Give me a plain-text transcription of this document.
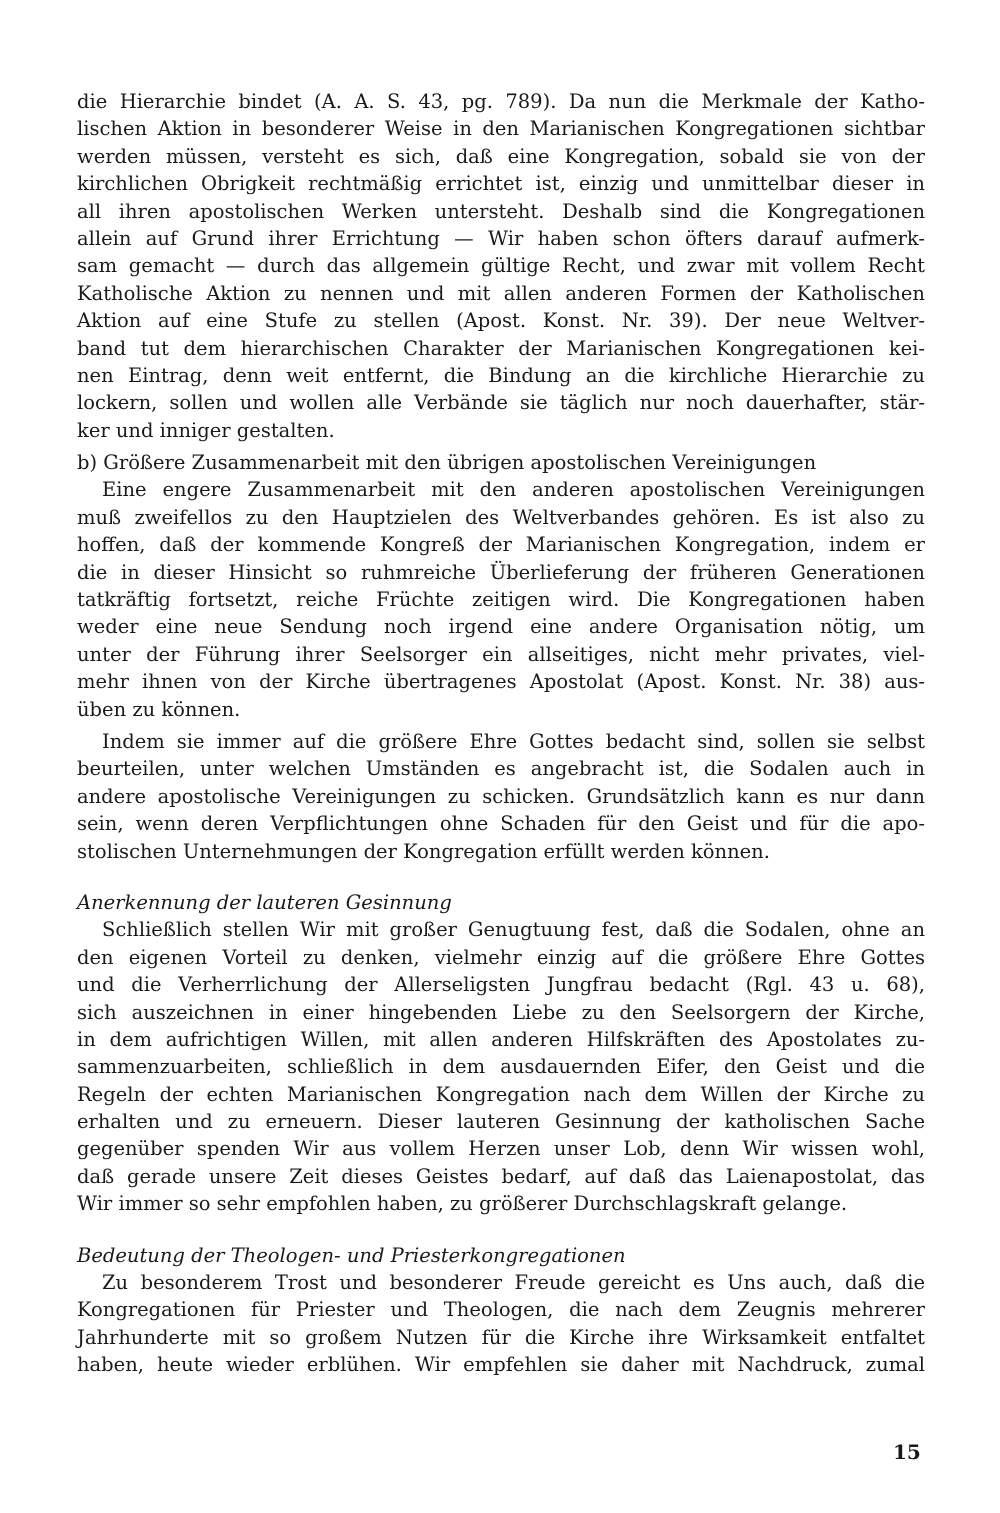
die Hierarchie bindet (A. A. S. 43, pg. 789). Da nun die Merkmale der Katho-
lischen Aktion in besonderer Weise in den Marianischen Kongregationen sichtbar
werden müssen, versteht es sich, daß eine Kongregation, sobald sie von der
kirchlichen Obrigkeit rechtmäßig errichtet ist, einzig und unmittelbar dieser in
all ihren apostolischen Werken untersteht. Deshalb sind die Kongregationen
allein auf Grund ihrer Errichtung — Wir haben schon öfters darauf aufmerk-
sam gemacht — durch das allgemein gültige Recht, und zwar mit vollem Recht
Katholische Aktion zu nennen und mit allen anderen Formen der Katholischen
Aktion auf eine Stufe zu stellen (Apost. Konst. Nr. 39). Der neue Weltver-
band tut dem hierarchischen Charakter der Marianischen Kongregationen kei-
nen Eintrag, denn weit entfernt, die Bindung an die kirchliche Hierarchie zu
lockern, sollen und wollen alle Verbände sie täglich nur noch dauerhafter, stär-
ker und inniger gestalten.
b) Größere Zusammenarbeit mit den übrigen apostolischen Vereinigungen
Eine engere Zusammenarbeit mit den anderen apostolischen Vereinigungen
muß zweifellos zu den Hauptzielen des Weltverbandes gehören. Es ist also zu
hoffen, daß der kommende Kongreß der Marianischen Kongregation, indem er
die in dieser Hinsicht so ruhmreiche Überlieferung der früheren Generationen
tatkräftig fortsetzt, reiche Früchte zeitigen wird. Die Kongregationen haben
weder eine neue Sendung noch irgend eine andere Organisation nötig, um
unter der Führung ihrer Seelsorger ein allseitiges, nicht mehr privates, viel-
mehr ihnen von der Kirche übertragenes Apostolat (Apost. Konst. Nr. 38) aus-
üben zu können.
Indem sie immer auf die größere Ehre Gottes bedacht sind, sollen sie selbst
beurteilen, unter welchen Umständen es angebracht ist, die Sodalen auch in
andere apostolische Vereinigungen zu schicken. Grundsätzlich kann es nur dann
sein, wenn deren Verpflichtungen ohne Schaden für den Geist und für die apo-
stolischen Unternehmungen der Kongregation erfüllt werden können.
Anerkennung der lauteren Gesinnung
Schließlich stellen Wir mit großer Genugtuung fest, daß die Sodalen, ohne an
den eigenen Vorteil zu denken, vielmehr einzig auf die größere Ehre Gottes
und die Verherrlichung der Allerseligsten Jungfrau bedacht (Rgl. 43 u. 68),
sich auszeichnen in einer hingebenden Liebe zu den Seelsorgern der Kirche,
in dem aufrichtigen Willen, mit allen anderen Hilfskräften des Apostolates zu-
sammenzuarbeiten, schließlich in dem ausdauernden Eifer, den Geist und die
Regeln der echten Marianischen Kongregation nach dem Willen der Kirche zu
erhalten und zu erneuern. Dieser lauteren Gesinnung der katholischen Sache
gegenüber spenden Wir aus vollem Herzen unser Lob, denn Wir wissen wohl,
daß gerade unsere Zeit dieses Geistes bedarf, auf daß das Laienapostolat, das
Wir immer so sehr empfohlen haben, zu größerer Durchschlagskraft gelange.
Bedeutung der Theologen- und Priesterkongregationen
Zu besonderem Trost und besonderer Freude gereicht es Uns auch, daß die
Kongregationen für Priester und Theologen, die nach dem Zeugnis mehrerer
Jahrhunderte mit so großem Nutzen für die Kirche ihre Wirksamkeit entfaltet
haben, heute wieder erblühen. Wir empfehlen sie daher mit Nachdruck, zumal
15
